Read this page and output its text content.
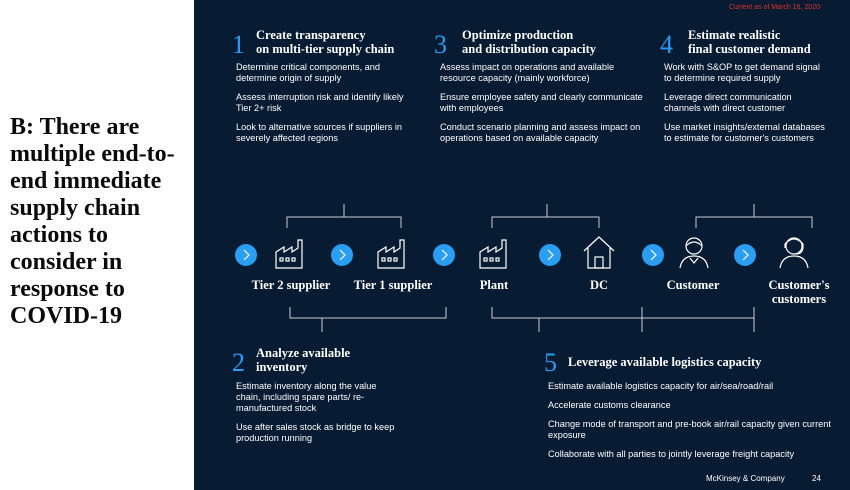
B: There are multiple end-to-end immediate supply chain actions to consider in response to COVID-19
Current as of March 16, 2020
1 Create transparency
on multi-tier supply chain

Determine critical components, and determine origin of supply

Assess interruption risk and identify likely Tier 2+ risk

Look to alternative sources if suppliers in severely affected regions

3 Optimize production
and distribution capacity

Assess impact on operations and available resource capacity (mainly workforce)

Ensure employee safety and clearly communicate with employees

Conduct scenario planning and assess impact on operations based on available capacity

4 Estimate realistic
final customer demand

Work with S&OP to get demand signal to determine required supply

Leverage direct communication channels with direct customer

Use market insights/external databases to estimate for customer's customers

Tier 2 supplier	Tier 1 supplier	Plant	DC	Customer	Customer's customers
2 Analyze available
inventory

Estimate inventory along the value chain, including spare parts/ re-manufactured stock

Use after sales stock as bridge to keep production running

5 Leverage available logistics capacity

Estimate available logistics capacity for air/sea/road/rail

Accelerate customs clearance

Change mode of transport and pre-book air/rail capacity given current exposure

Collaborate with all parties to jointly leverage freight capacity

McKinsey & Company	24
